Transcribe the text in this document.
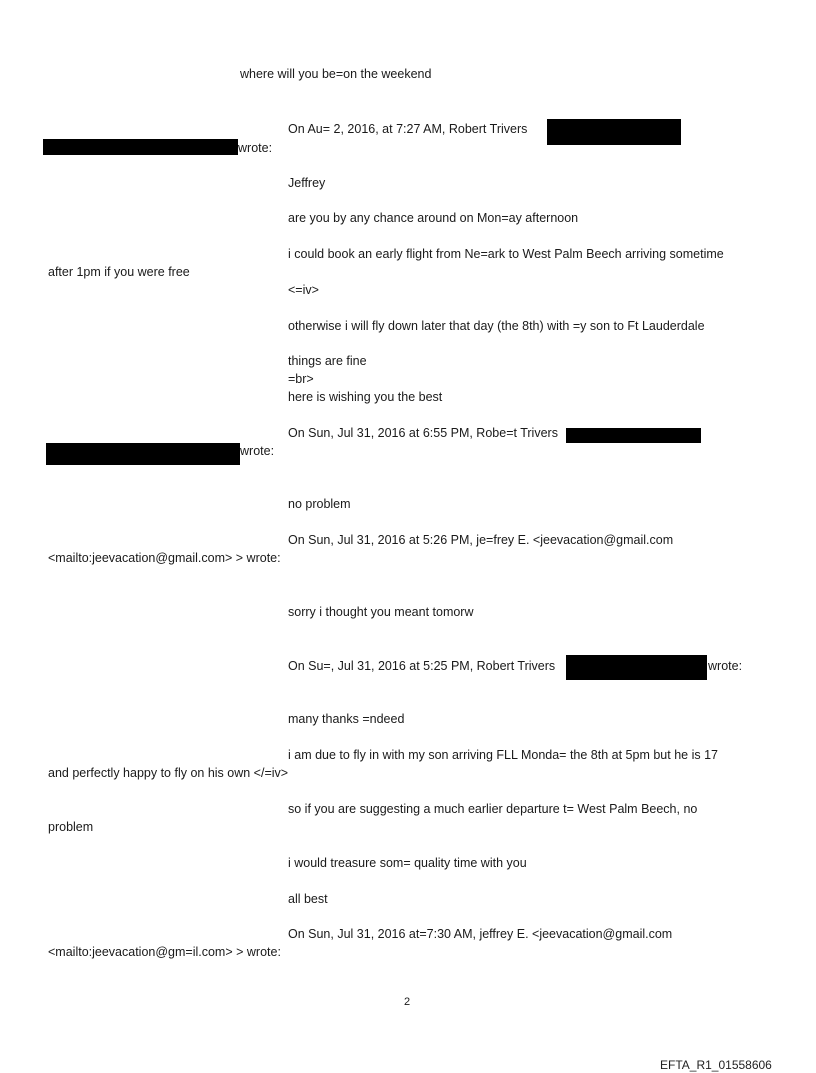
where will you be=on the weekend
On Au= 2, 2016, at 7:27 AM, Robert Trivers
wrote:
Jeffrey
are you by any chance around on Mon=ay afternoon
i could book an early flight from Ne=ark to West Palm Beech arriving sometime
after 1pm if you were free
<=iv>
otherwise i will fly down later that day (the 8th) with =y son to Ft Lauderdale
things are fine
=br>
here is wishing you the best
On Sun, Jul 31, 2016 at 6:55 PM, Robe=t Trivers
wrote:
no problem
On Sun, Jul 31, 2016 at 5:26 PM, je=frey E. <jeevacation@gmail.com
<mailto:jeevacation@gmail.com> > wrote:
sorry i thought you meant tomorw
On Su=, Jul 31, 2016 at 5:25 PM, Robert Trivers	wrote:
many thanks =ndeed
i am due to fly in with my son arriving FLL Monda= the 8th at 5pm but he is 17
and perfectly happy to fly on his own </=iv>
so if you are suggesting a much earlier departure t= West Palm Beech, no
problem
i would treasure som= quality time with you
all best
On Sun, Jul 31, 2016 at=7:30 AM, jeffrey E. <jeevacation@gmail.com
<mailto:jeevacation@gm=il.com> > wrote:
2
EFTA_R1_01558606
